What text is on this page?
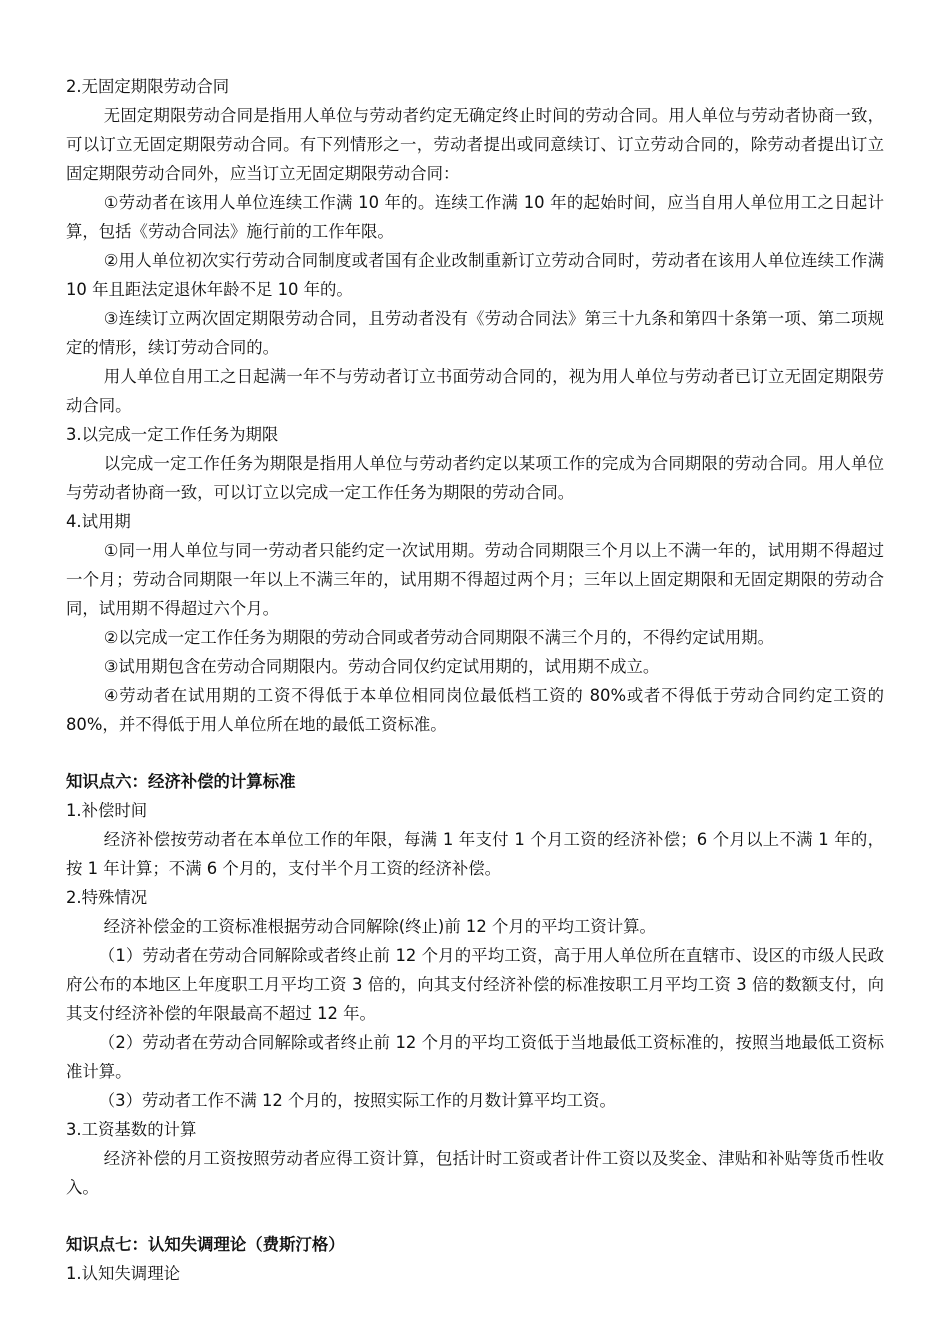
2.无固定期限劳动合同

无固定期限劳动合同是指用人单位与劳动者约定无确定终止时间的劳动合同。用人单位与劳动者协商一致，可以订立无固定期限劳动合同。有下列情形之一，劳动者提出或同意续订、订立劳动合同的，除劳动者提出订立固定期限劳动合同外，应当订立无固定期限劳动合同：

①劳动者在该用人单位连续工作满 10 年的。连续工作满 10 年的起始时间，应当自用人单位用工之日起计算，包括《劳动合同法》施行前的工作年限。

②用人单位初次实行劳动合同制度或者国有企业改制重新订立劳动合同时，劳动者在该用人单位连续工作满 10 年且距法定退休年龄不足 10 年的。

③连续订立两次固定期限劳动合同，且劳动者没有《劳动合同法》第三十九条和第四十条第一项、第二项规定的情形，续订劳动合同的。

用人单位自用工之日起满一年不与劳动者订立书面劳动合同的，视为用人单位与劳动者已订立无固定期限劳动合同。

3.以完成一定工作任务为期限

以完成一定工作任务为期限是指用人单位与劳动者约定以某项工作的完成为合同期限的劳动合同。用人单位与劳动者协商一致，可以订立以完成一定工作任务为期限的劳动合同。

4.试用期

①同一用人单位与同一劳动者只能约定一次试用期。劳动合同期限三个月以上不满一年的，试用期不得超过一个月；劳动合同期限一年以上不满三年的，试用期不得超过两个月；三年以上固定期限和无固定期限的劳动合同，试用期不得超过六个月。

②以完成一定工作任务为期限的劳动合同或者劳动合同期限不满三个月的，不得约定试用期。

③试用期包含在劳动合同期限内。劳动合同仅约定试用期的，试用期不成立。

④劳动者在试用期的工资不得低于本单位相同岗位最低档工资的 80%或者不得低于劳动合同约定工资的 80%，并不得低于用人单位所在地的最低工资标准。

知识点六：经济补偿的计算标准

1.补偿时间

经济补偿按劳动者在本单位工作的年限，每满 1 年支付 1 个月工资的经济补偿；6 个月以上不满 1 年的，按 1 年计算；不满 6 个月的，支付半个月工资的经济补偿。

2.特殊情况

经济补偿金的工资标准根据劳动合同解除(终止)前 12 个月的平均工资计算。

（1）劳动者在劳动合同解除或者终止前 12 个月的平均工资，高于用人单位所在直辖市、设区的市级人民政府公布的本地区上年度职工月平均工资 3 倍的，向其支付经济补偿的标准按职工月平均工资 3 倍的数额支付，向其支付经济补偿的年限最高不超过 12 年。

（2）劳动者在劳动合同解除或者终止前 12 个月的平均工资低于当地最低工资标准的，按照当地最低工资标准计算。

（3）劳动者工作不满 12 个月的，按照实际工作的月数计算平均工资。

3.工资基数的计算

经济补偿的月工资按照劳动者应得工资计算，包括计时工资或者计件工资以及奖金、津贴和补贴等货币性收入。

知识点七：认知失调理论（费斯汀格）

1.认知失调理论
